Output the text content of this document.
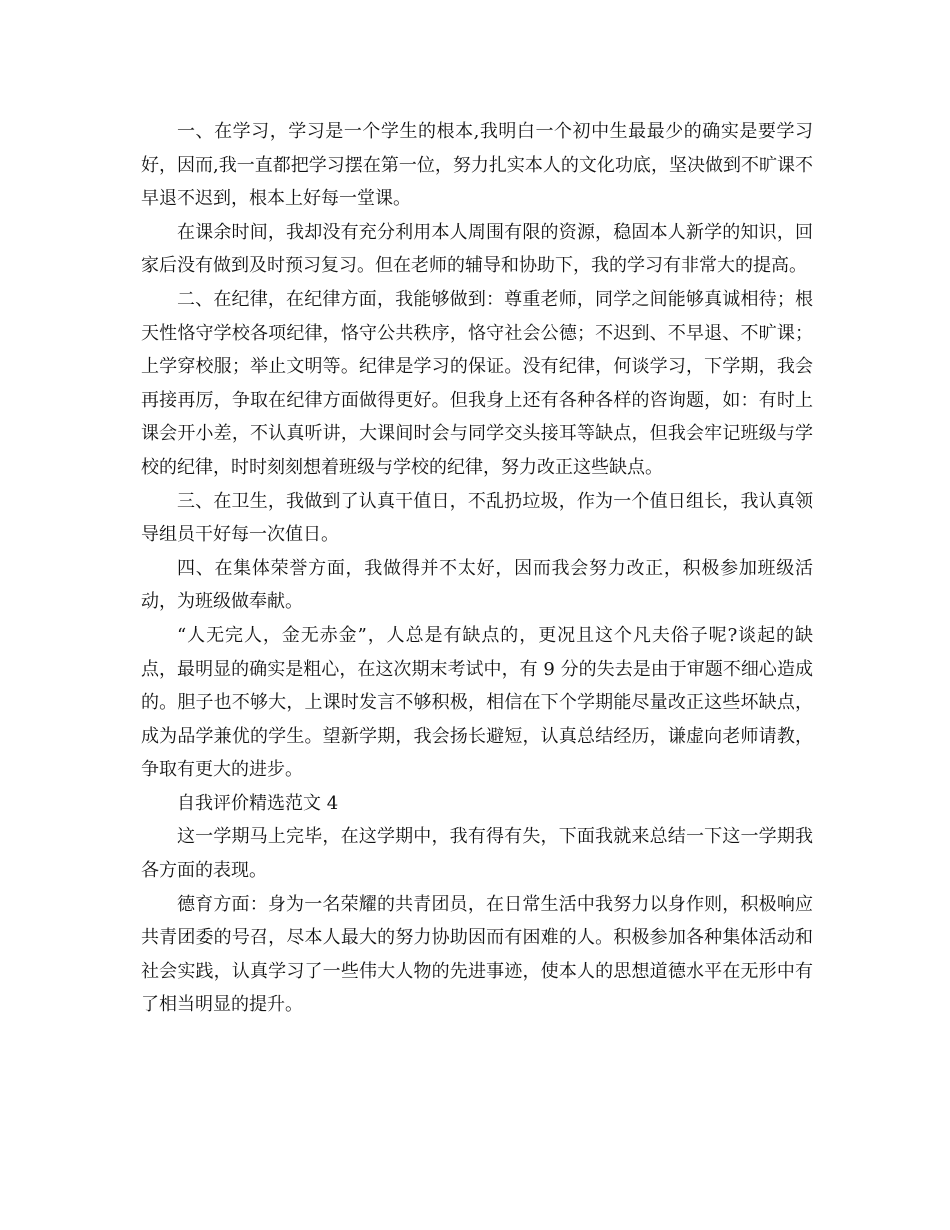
一、在学习，学习是一个学生的根本,我明白一个初中生最最少的确实是要学习好，因而,我一直都把学习摆在第一位，努力扎实本人的文化功底，坚决做到不旷课不早退不迟到，根本上好每一堂课。

在课余时间，我却没有充分利用本人周围有限的资源，稳固本人新学的知识，回家后没有做到及时预习复习。但在老师的辅导和协助下，我的学习有非常大的提高。

二、在纪律，在纪律方面，我能够做到：尊重老师，同学之间能够真诚相待；根天性恪守学校各项纪律，恪守公共秩序，恪守社会公德；不迟到、不早退、不旷课；上学穿校服；举止文明等。纪律是学习的保证。没有纪律，何谈学习，下学期，我会再接再厉，争取在纪律方面做得更好。但我身上还有各种各样的咨询题，如：有时上课会开小差，不认真听讲，大课间时会与同学交头接耳等缺点，但我会牢记班级与学校的纪律，时时刻刻想着班级与学校的纪律，努力改正这些缺点。

三、在卫生，我做到了认真干值日，不乱扔垃圾，作为一个值日组长，我认真领导组员干好每一次值日。

四、在集体荣誉方面，我做得并不太好，因而我会努力改正，积极参加班级活动，为班级做奉献。

“人无完人，金无赤金”，人总是有缺点的，更况且这个凡夫俗子呢?谈起的缺点，最明显的确实是粗心，在这次期末考试中，有 9 分的失去是由于审题不细心造成的。胆子也不够大，上课时发言不够积极，相信在下个学期能尽量改正这些坏缺点，成为品学兼优的学生。望新学期，我会扬长避短，认真总结经历，谦虚向老师请教，争取有更大的进步。

自我评价精选范文 4

这一学期马上完毕，在这学期中，我有得有失，下面我就来总结一下这一学期我各方面的表现。

德育方面：身为一名荣耀的共青团员，在日常生活中我努力以身作则，积极响应共青团委的号召，尽本人最大的努力协助因而有困难的人。积极参加各种集体活动和社会实践，认真学习了一些伟大人物的先进事迹，使本人的思想道德水平在无形中有了相当明显的提升。
